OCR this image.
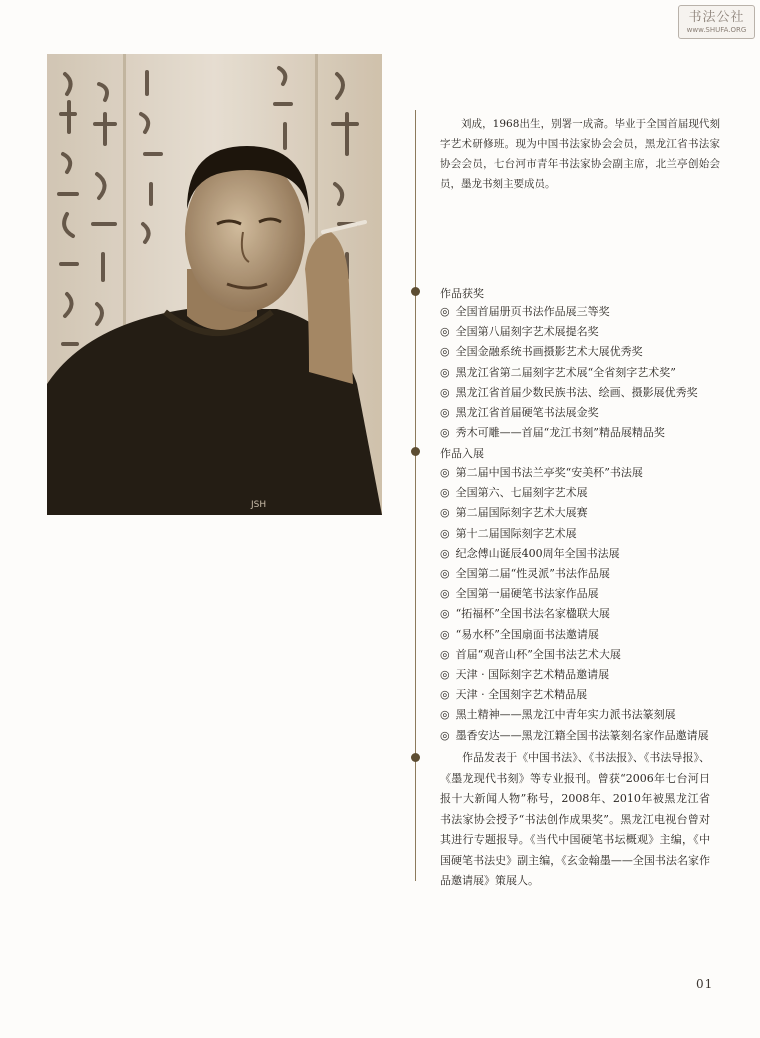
书法公社
www.SHUFA.ORG
JSH

刘成，1968出生，别署一成斋。毕业于全国首届现代刻字艺术研修班。现为中国书法家协会会员，黑龙江省书法家协会会员，七台河市青年书法家协会副主席，北兰亭创始会员，墨龙书刻主要成员。

作品获奖
◎ 全国首届册页书法作品展三等奖
◎ 全国第八届刻字艺术展提名奖
◎ 全国金融系统书画摄影艺术大展优秀奖
◎ 黑龙江省第二届刻字艺术展“全省刻字艺术奖”
◎ 黑龙江省首届少数民族书法、绘画、摄影展优秀奖
◎ 黑龙江省首届硬笔书法展金奖
◎ 秀木可雕——首届“龙江书刻”精品展精品奖
作品入展
◎ 第二届中国书法兰亭奖“安美杯”书法展
◎ 全国第六、七届刻字艺术展
◎ 第二届国际刻字艺术大展赛
◎ 第十二届国际刻字艺术展
◎ 纪念傅山诞辰400周年全国书法展
◎ 全国第二届“性灵派”书法作品展
◎ 全国第一届硬笔书法家作品展
◎ “拓福杯”全国书法名家楹联大展
◎ “易水杯”全国扇面书法邀请展
◎ 首届“观音山杯”全国书法艺术大展
◎ 天津 · 国际刻字艺术精品邀请展
◎ 天津 · 全国刻字艺术精品展
◎ 黑土精神——黑龙江中青年实力派书法篆刻展
◎ 墨香安达——黑龙江籍全国书法篆刻名家作品邀请展

作品发表于《中国书法》、《书法报》、《书法导报》、《墨龙现代书刻》等专业报刊。曾获“2006年七台河日报十大新闻人物”称号，2008年、2010年被黑龙江省书法家协会授予“书法创作成果奖”。黑龙江电视台曾对其进行专题报导。《当代中国硬笔书坛概观》主编，《中国硬笔书法史》副主编，《玄金翰墨——全国书法名家作品邀请展》策展人。

01
